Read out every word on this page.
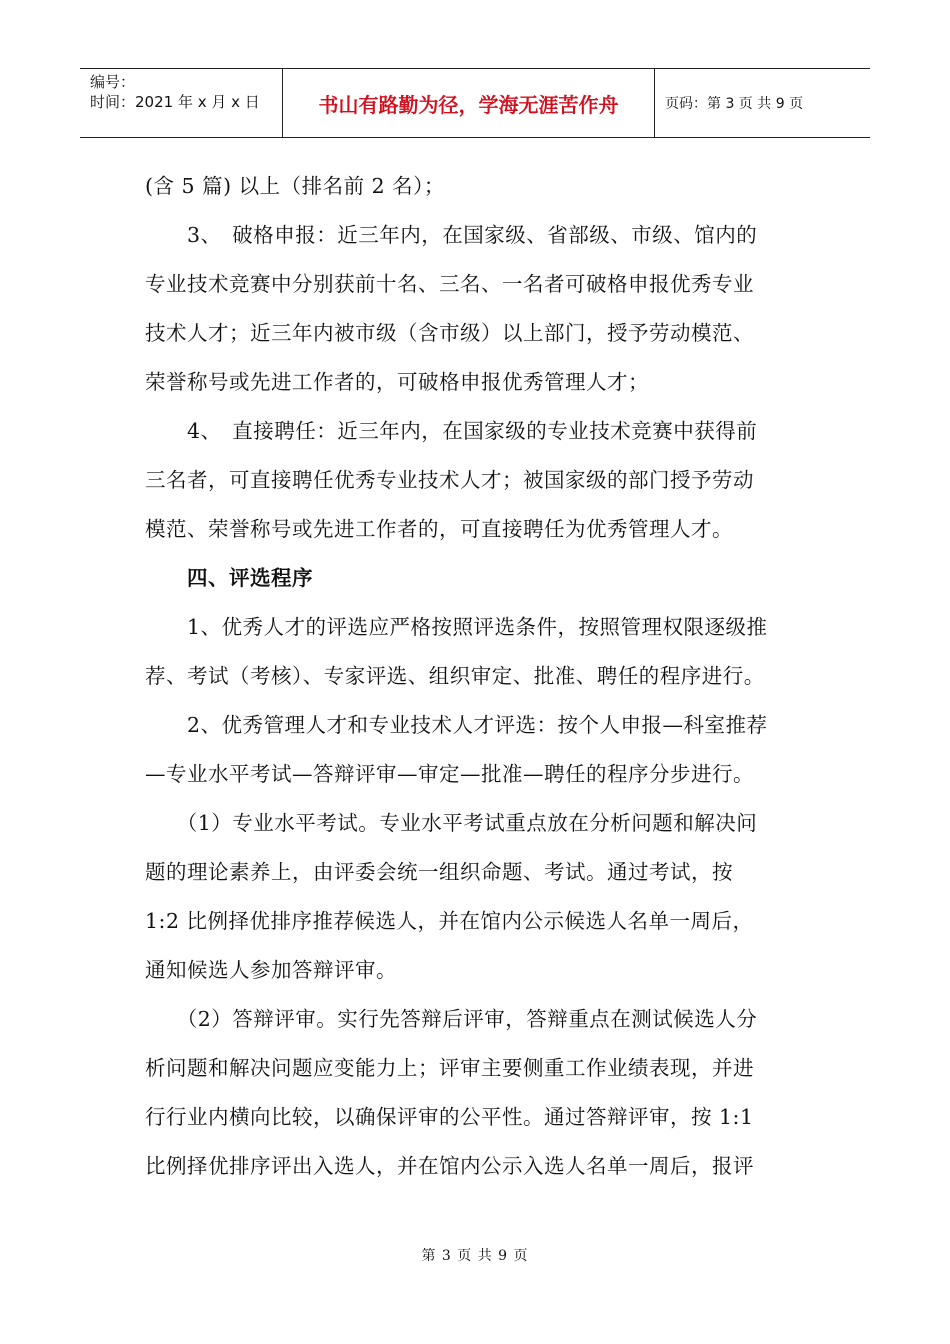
编号：
时间：2021 年 x 月 x 日	书山有路勤为径，学海无涯苦作舟	页码：第 3 页 共 9 页

(含 5 篇) 以上（排名前 2 名）；

　　3、　破格申报：近三年内，在国家级、省部级、市级、馆内的

专业技术竞赛中分别获前十名、三名、一名者可破格申报优秀专业

技术人才；近三年内被市级（含市级）以上部门，授予劳动模范、

荣誉称号或先进工作者的，可破格申报优秀管理人才；

　　4、　直接聘任：近三年内，在国家级的专业技术竞赛中获得前

三名者，可直接聘任优秀专业技术人才；被国家级的部门授予劳动

模范、荣誉称号或先进工作者的，可直接聘任为优秀管理人才。

　　四、评选程序

　　1、优秀人才的评选应严格按照评选条件，按照管理权限逐级推

荐、考试（考核）、专家评选、组织审定、批准、聘任的程序进行。

　　2、优秀管理人才和专业技术人才评选：按个人申报—科室推荐

—专业水平考试—答辩评审—审定—批准—聘任的程序分步进行。

　　（1）专业水平考试。专业水平考试重点放在分析问题和解决问

题的理论素养上，由评委会统一组织命题、考试。通过考试，按

1:2 比例择优排序推荐候选人，并在馆内公示候选人名单一周后，

通知候选人参加答辩评审。

　　（2）答辩评审。实行先答辩后评审，答辩重点在测试候选人分

析问题和解决问题应变能力上；评审主要侧重工作业绩表现，并进

行行业内横向比较，以确保评审的公平性。通过答辩评审，按 1:1

比例择优排序评出入选人，并在馆内公示入选人名单一周后，报评

第 3 页 共 9 页
